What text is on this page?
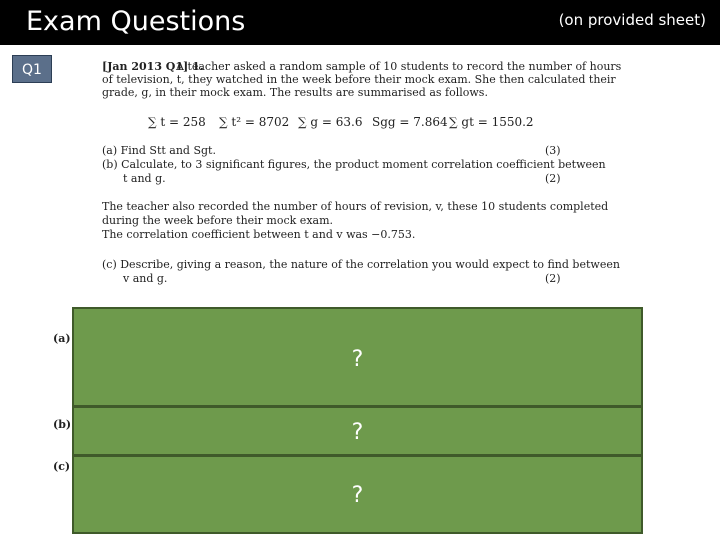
Exam Questions	(on provided sheet)
Q1	[Jan 2013 Q1] 1.
A teacher asked a random sample of 10 students to record the number of hours
of television, t, they watched in the week before their mock exam. She then calculated their
grade, g, in their mock exam. The results are summarised as follows.
∑ t = 258 ∑ t² = 8702 ∑ g = 63.6 Sgg = 7.864 ∑ gt = 1550.2
(a) Find Stt and Sgt.	(3)
(b) Calculate, to 3 significant figures, the product moment correlation coefficient between
t and g.	(2)
The teacher also recorded the number of hours of revision, v, these 10 students completed
during the week before their mock exam.
The correlation coefficient between t and v was −0.753.
(c) Describe, giving a reason, the nature of the correlation you would expect to find between
v and g.	(2)
(a)
?
(b)	?
(c)
?
